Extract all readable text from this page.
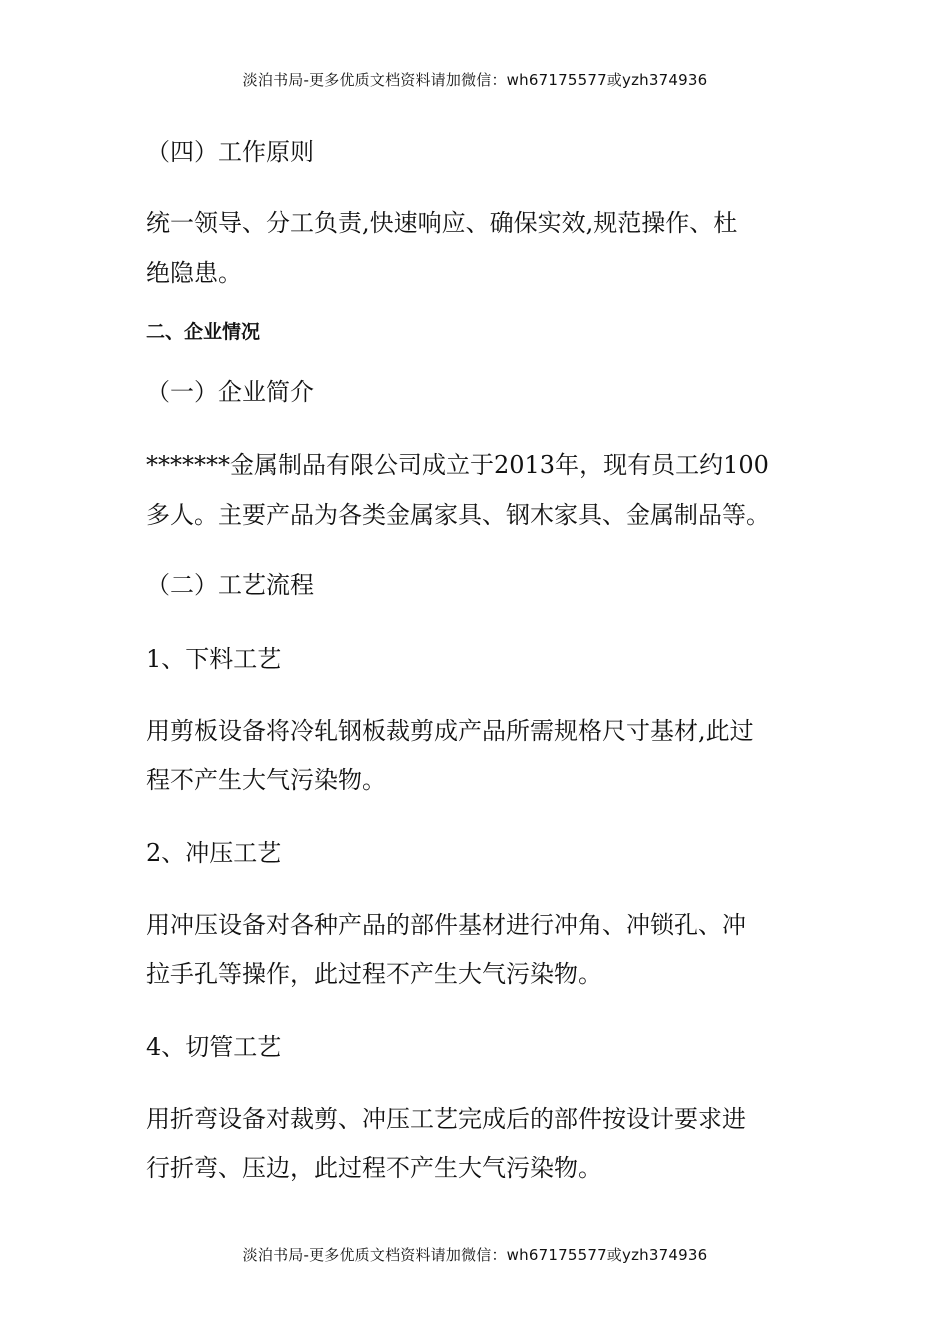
淡泊书局-更多优质文档资料请加微信：wh67175577或yzh374936
（四）工作原则
统一领导、分工负责,快速响应、确保实效,规范操作、杜
绝隐患。
二、企业情况
（一）企业简介
*******金属制品有限公司成立于2013年，现有员工约100
多人。主要产品为各类金属家具、钢木家具、金属制品等。
（二）工艺流程
1、下料工艺
用剪板设备将冷轧钢板裁剪成产品所需规格尺寸基材,此过
程不产生大气污染物。
2、冲压工艺
用冲压设备对各种产品的部件基材进行冲角、冲锁孔、冲
拉手孔等操作，此过程不产生大气污染物。
4、切管工艺
用折弯设备对裁剪、冲压工艺完成后的部件按设计要求进
行折弯、压边，此过程不产生大气污染物。
淡泊书局-更多优质文档资料请加微信：wh67175577或yzh374936
